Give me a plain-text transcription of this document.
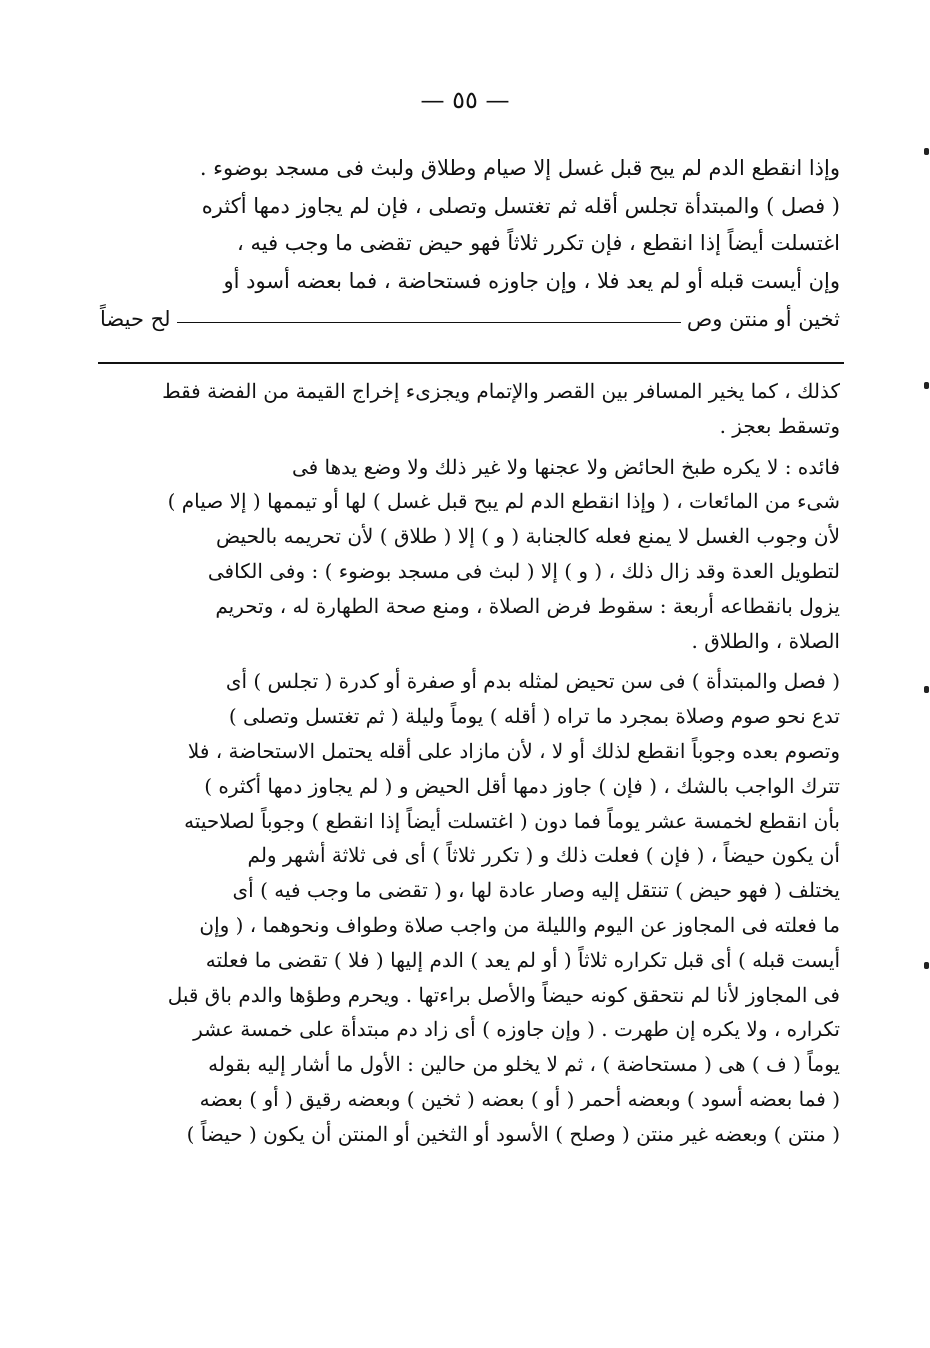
— ٥٥ —
وإذا انقطع الدم لم يبح قبل غسل إلا صيام وطلاق ولبث فى مسجد بوضوء .
( فصل ) والمبتدأة تجلس أقله ثم تغتسل وتصلى ، فإن لم يجاوز دمها أكثره
اغتسلت أيضاً إذا انقطع ، فإن تكرر ثلاثاً فهو حيض تقضى ما وجب فيه ،
وإن أيست قبله أو لم يعد فلا ، وإن جاوزه فستحاضة ، فما بعضه أسود أو
ثخين أو منتن وص
لح حيضاً
كذلك ، كما يخير المسافر بين القصر والإتمام ويجزىء إخراج القيمة من الفضة فقط
وتسقط بعجز .
فائده : لا يكره طبخ الحائض ولا عجنها ولا غير ذلك ولا وضع يدها فى
شىء من المائعات ، ( وإذا انقطع الدم لم يبح قبل غسل ) لها أو تيممها ( إلا صيام )
لأن وجوب الغسل لا يمنع فعله كالجنابة ( و ) إلا ( طلاق ) لأن تحريمه بالحيض
لتطويل العدة وقد زال ذلك ، ( و ) إلا ( لبث فى مسجد بوضوء ) : وفى الكافى
يزول بانقطاعه أربعة : سقوط فرض الصلاة ، ومنع صحة الطهارة له ، وتحريم
الصلاة ، والطلاق .
( فصل والمبتدأة ) فى سن تحيض لمثله بدم أو صفرة أو كدرة ( تجلس ) أى
تدع نحو صوم وصلاة بمجرد ما تراه ( أقله ) يوماً وليلة ( ثم تغتسل وتصلى )
وتصوم بعده وجوباً انقطع لذلك أو لا ، لأن مازاد على أقله يحتمل الاستحاضة ، فلا
تترك الواجب بالشك ، ( فإن ) جاوز دمها أقل الحيض و ( لم يجاوز دمها أكثره )
بأن انقطع لخمسة عشر يوماً فما دون ( اغتسلت أيضاً إذا انقطع ) وجوباً لصلاحيته
أن يكون حيضاً ، ( فإن ) فعلت ذلك و ( تكرر ثلاثاً ) أى فى ثلاثة أشهر ولم
يختلف ( فهو حيض ) تنتقل إليه وصار عادة لها ،و ( تقضى ما وجب فيه ) أى
ما فعلته فى المجاوز عن اليوم والليلة من واجب صلاة وطواف ونحوهما ، ( وإن
أيست قبله ) أى قبل تكراره ثلاثاً ( أو لم يعد ) الدم إليها ( فلا ) تقضى ما فعلته
فى المجاوز لأنا لم نتحقق كونه حيضاً والأصل براءتها . ويحرم وطؤها والدم باق قبل
تكراره ، ولا يكره إن طهرت . ( وإن جاوزه ) أى زاد دم مبتدأة على خمسة عشر
يوماً ( ف ) هى ( مستحاضة ) ، ثم لا يخلو من حالين : الأول ما أشار إليه بقوله
( فما بعضه أسود ) وبعضه أحمر ( أو ) بعضه ( ثخين ) وبعضه رقيق ( أو ) بعضه
( منتن ) وبعضه غير منتن ( وصلح ) الأسود أو الثخين أو المنتن أن يكون ( حيضاً )
